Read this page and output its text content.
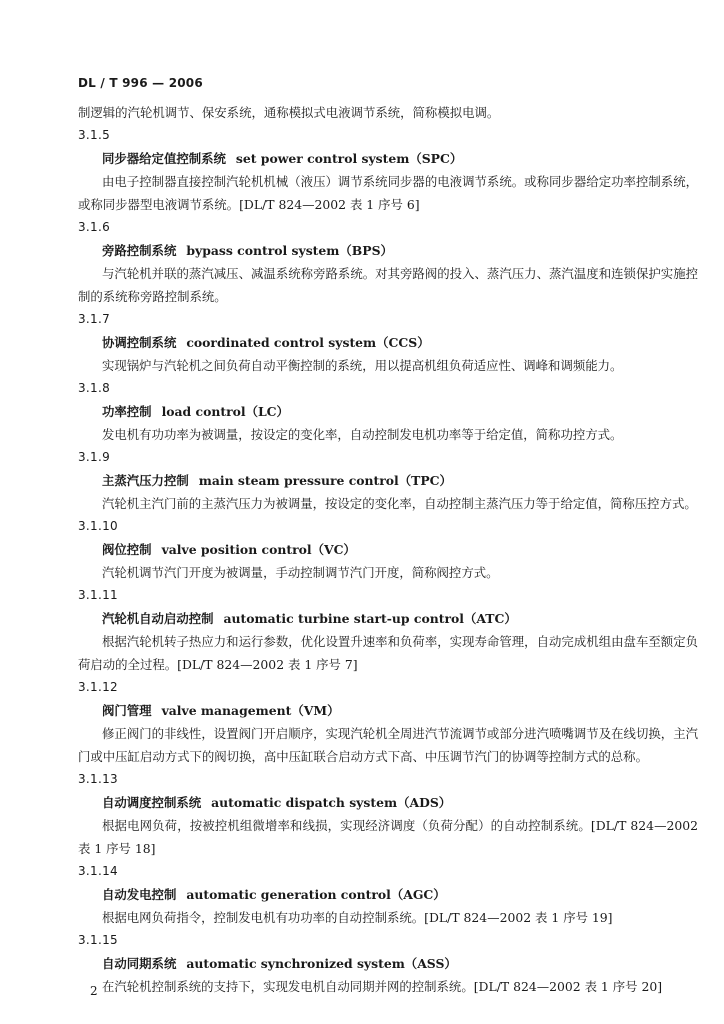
DL / T 996 — 2006

制逻辑的汽轮机调节、保安系统，通称模拟式电液调节系统，简称模拟电调。

3.1.5

同步器给定值控制系统 set power control system（SPC）

由电子控制器直接控制汽轮机机械（液压）调节系统同步器的电液调节系统。或称同步器给定功率控制系统，或称同步器型电液调节系统。[DL/T 824—2002 表 1 序号 6]

3.1.6

旁路控制系统 bypass control system（BPS）

与汽轮机并联的蒸汽减压、减温系统称旁路系统。对其旁路阀的投入、蒸汽压力、蒸汽温度和连锁保护实施控制的系统称旁路控制系统。

3.1.7

协调控制系统 coordinated control system（CCS）

实现锅炉与汽轮机之间负荷自动平衡控制的系统，用以提高机组负荷适应性、调峰和调频能力。

3.1.8

功率控制 load control（LC）

发电机有功功率为被调量，按设定的变化率，自动控制发电机功率等于给定值，简称功控方式。

3.1.9

主蒸汽压力控制 main steam pressure control（TPC）

汽轮机主汽门前的主蒸汽压力为被调量，按设定的变化率，自动控制主蒸汽压力等于给定值，简称压控方式。

3.1.10

阀位控制 valve position control（VC）

汽轮机调节汽门开度为被调量，手动控制调节汽门开度，简称阀控方式。

3.1.11

汽轮机自动启动控制 automatic turbine start-up control（ATC）

根据汽轮机转子热应力和运行参数，优化设置升速率和负荷率，实现寿命管理，自动完成机组由盘车至额定负荷启动的全过程。[DL/T 824—2002 表 1 序号 7]

3.1.12

阀门管理 valve management（VM）

修正阀门的非线性，设置阀门开启顺序，实现汽轮机全周进汽节流调节或部分进汽喷嘴调节及在线切换，主汽门或中压缸启动方式下的阀切换，高中压缸联合启动方式下高、中压调节汽门的协调等控制方式的总称。

3.1.13

自动调度控制系统 automatic dispatch system（ADS）

根据电网负荷，按被控机组微增率和线损，实现经济调度（负荷分配）的自动控制系统。[DL/T 824—2002 表 1 序号 18]

3.1.14

自动发电控制 automatic generation control（AGC）

根据电网负荷指令，控制发电机有功功率的自动控制系统。[DL/T 824—2002 表 1 序号 19]

3.1.15

自动同期系统 automatic synchronized system（ASS）

在汽轮机控制系统的支持下，实现发电机自动同期并网的控制系统。[DL/T 824—2002 表 1 序号 20]

2
